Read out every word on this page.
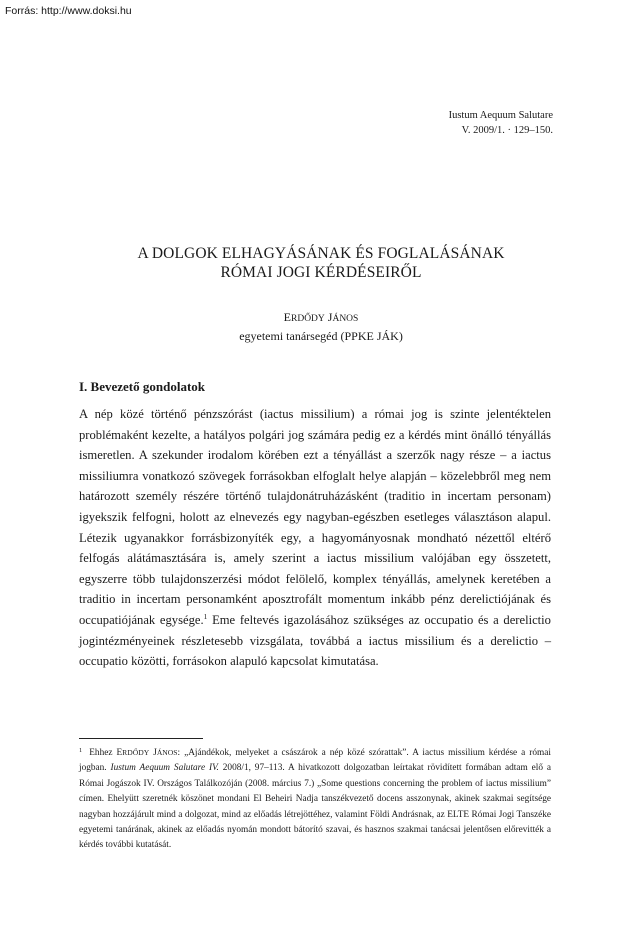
Forrás: http://www.doksi.hu
Iustum Aequum Salutare
V. 2009/1. · 129–150.
A DOLGOK ELHAGYÁSÁNAK ÉS FOGLALÁSÁNAK
RÓMAI JOGI KÉRDÉSEIRŐL
ERDŐDY JÁNOS
egyetemi tanársegéd (PPKE JÁK)
I. Bevezető gondolatok
A nép közé történő pénzszórást (iactus missilium) a római jog is szinte jelentéktelen problémaként kezelte, a hatályos polgári jog számára pedig ez a kérdés mint önálló tényállás ismeretlen. A szekunder irodalom körében ezt a tényállást a szerzők nagy része – a iactus missiliumra vonatkozó szövegek forrásokban elfoglalt helye alapján – közelebbről meg nem határozott személy részére történő tulajdonátruházásként (traditio in incertam personam) igyekszik felfogni, holott az elnevezés egy nagyban-egészben esetleges választáson alapul. Létezik ugyanakkor forrásbizonyíték egy, a hagyományosnak mondható nézettől eltérő felfogás alátámasztására is, amely szerint a iactus missilium valójában egy összetett, egyszerre több tulajdonszerzési módot felölelő, komplex tényállás, amelynek keretében a traditio in incertam personamként aposztrofált momentum inkább pénz derelictiójának és occupatiójának egysége.$^1$ Eme feltevés igazolásához szükséges az occupatio és a derelictio jogintézményeinek részletesebb vizsgálata, továbbá a iactus missilium és a derelictio – occupatio közötti, forrásokon alapuló kapcsolat kimutatása.
$^1$ Ehhez ERDŐDY JÁNOS: „Ajándékok, melyeket a császárok a nép közé szórattak”. A iactus missilium kérdése a római jogban. Iustum Aequum Salutare IV. 2008/1, 97–113. A hivatkozott dolgozatban leírtakat rövidített formában adtam elő a Római Jogászok IV. Országos Találkozóján (2008. március 7.) „Some questions concerning the problem of iactus missilium” címen. Ehelyütt szeretnék köszönet mondani El Beheiri Nadja tanszékvezető docens asszonynak, akinek szakmai segítsége nagyban hozzájárult mind a dolgozat, mind az előadás létrejöttéhez, valamint Földi Andrásnak, az ELTE Római Jogi Tanszéke egyetemi tanárának, akinek az előadás nyomán mondott bátorító szavai, és hasznos szakmai tanácsai jelentősen előrevitték a kérdés további kutatását.
